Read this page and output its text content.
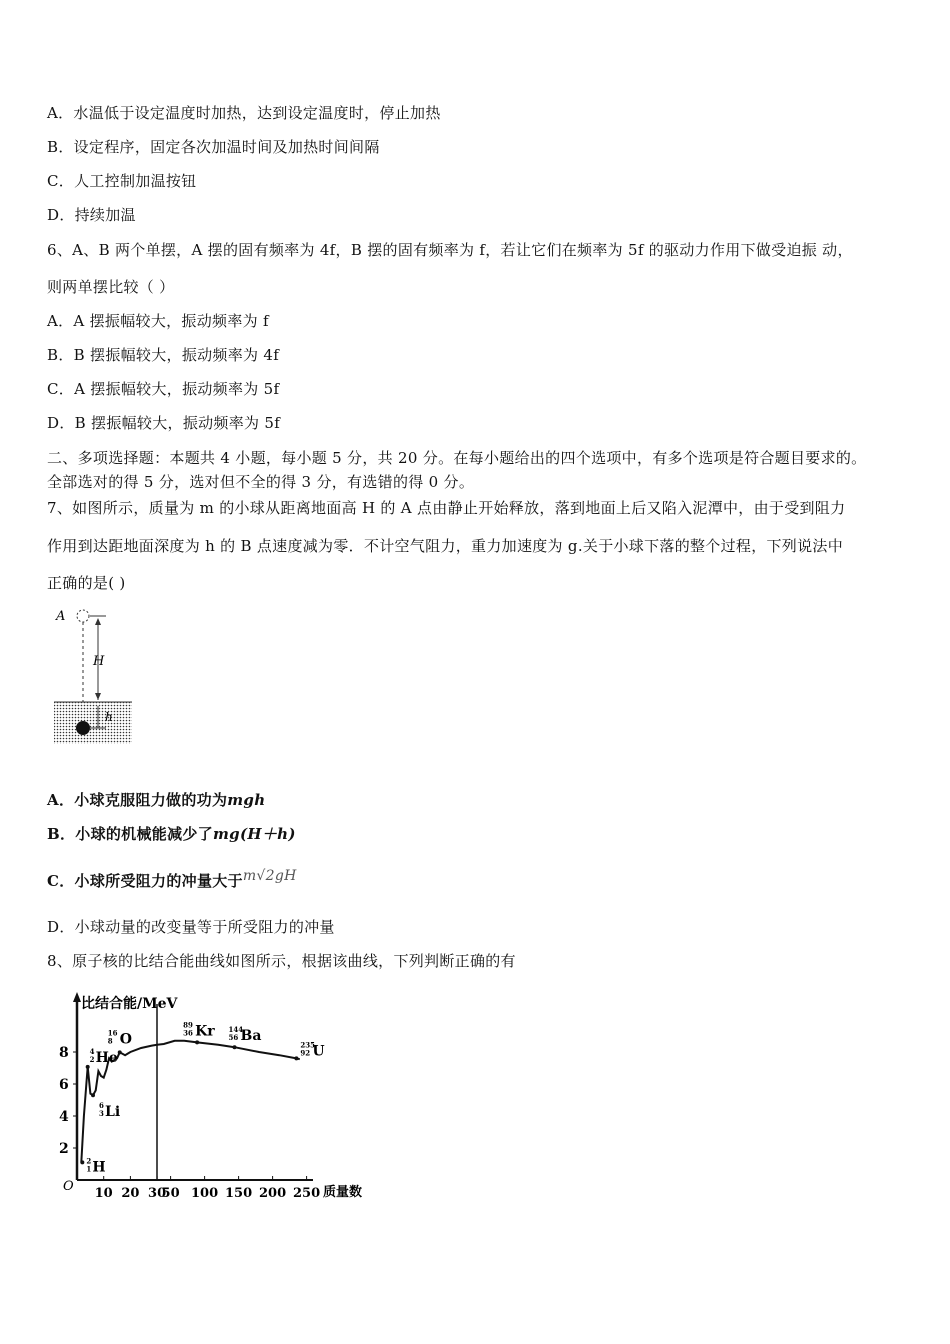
A．水温低于设定温度时加热，达到设定温度时，停止加热
B．设定程序，固定各次加温时间及加热时间间隔
C．人工控制加温按钮
D．持续加温
6、A、B 两个单摆，A 摆的固有频率为 4f，B 摆的固有频率为 f，若让它们在频率为 5f 的驱动力作用下做受迫振 动，
则两单摆比较（ ）
A．A 摆振幅较大，振动频率为 f
B．B 摆振幅较大，振动频率为 4f
C．A 摆振幅较大，振动频率为 5f
D．B 摆振幅较大，振动频率为 5f
二、多项选择题：本题共 4 小题，每小题 5 分，共 20 分。在每小题给出的四个选项中，有多个选项是符合题目要求的。
全部选对的得 5 分，选对但不全的得 3 分，有选错的得 0 分。
7、如图所示，质量为 m 的小球从距离地面高 H 的 A 点由静止开始释放，落到地面上后又陷入泥潭中，由于受到阻力
作用到达距地面深度为 h 的 B 点速度减为零．不计空气阻力，重力加速度为 g.关于小球下落的整个过程，下列说法中
正确的是( )
A
H
h
A．小球克服阻力做的功为mgh
B．小球的机械能减少了mg(H＋h)
C．小球所受阻力的冲量大于m√2gH
D．小球动量的改变量等于所受阻力的冲量
8、原子核的比结合能曲线如图所示，根据该曲线，下列判断正确的有
比结合能/MeV
O	质量数
2
4
6
8
10 20 30
50 100 150 200 250
4
2 He
16
8 O
89
36 Kr 144
56 Ba
235
92 U
6
3 Li
2
1 H
